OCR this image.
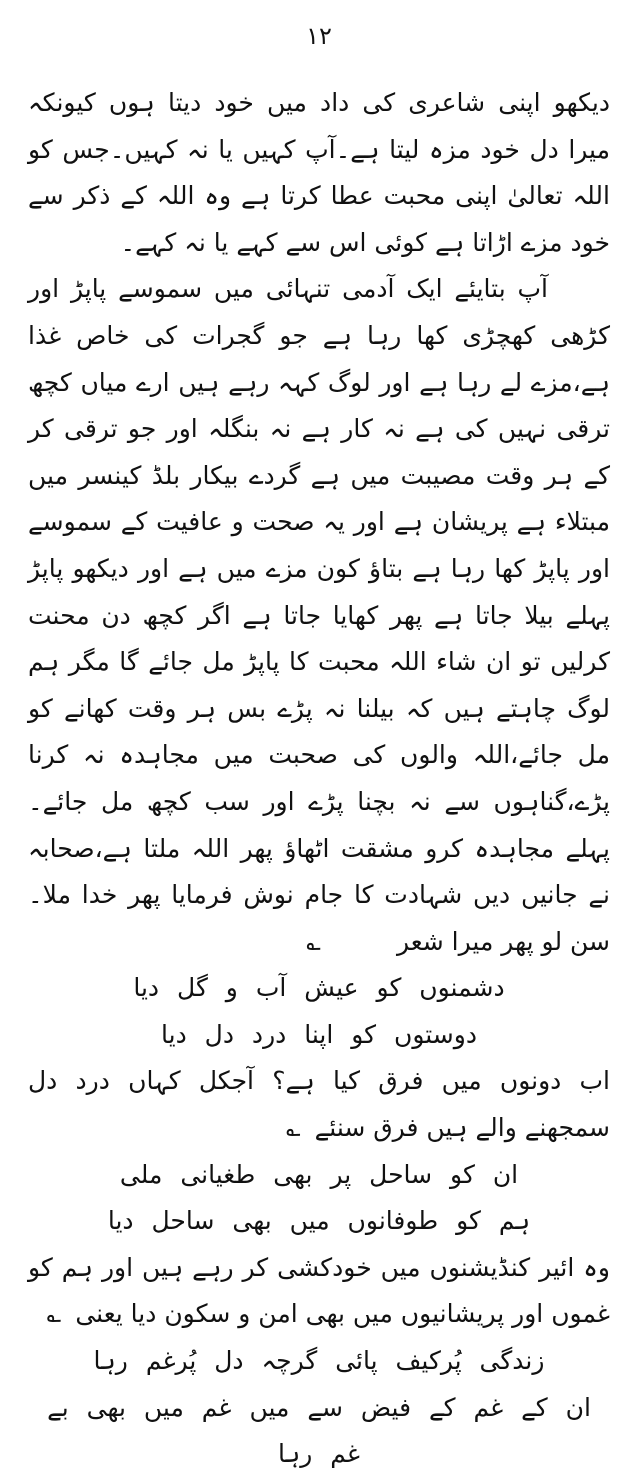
۱۲

دیکھو اپنی شاعری کی داد میں خود دیتا ہوں کیونکہ میرا دل خود مزہ لیتا ہے۔آپ کہیں یا نہ کہیں۔جس کو اللہ تعالیٰ اپنی محبت عطا کرتا ہے وہ اللہ کے ذکر سے خود مزے اڑاتا ہے کوئی اس سے کہے یا نہ کہے۔

آپ بتایئے ایک آدمی تنہائی میں سموسے پاپڑ اور کڑھی کھچڑی کھا رہا ہے جو گجرات کی خاص غذا ہے،مزے لے رہا ہے اور لوگ کہہ رہے ہیں ارے میاں کچھ ترقی نہیں کی ہے نہ کار ہے نہ بنگلہ اور جو ترقی کر کے ہر وقت مصیبت میں ہے گردے بیکار بلڈ کینسر میں مبتلاء ہے پریشان ہے اور یہ صحت و عافیت کے سموسے اور پاپڑ کھا رہا ہے بتاؤ کون مزے میں ہے اور دیکھو پاپڑ پہلے بیلا جاتا ہے پھر کھایا جاتا ہے اگر کچھ دن محنت کرلیں تو ان شاء اللہ محبت کا پاپڑ مل جائے گا مگر ہم لوگ چاہتے ہیں کہ بیلنا نہ پڑے بس ہر وقت کھانے کو مل جائے،اللہ والوں کی صحبت میں مجاہدہ نہ کرنا پڑے،گناہوں سے نہ بچنا پڑے اور سب کچھ مل جائے۔ پہلے مجاہدہ کرو مشقت اٹھاؤ پھر اللہ ملتا ہے،صحابہ نے جانیں دیں شہادت کا جام نوش فرمایا پھر خدا ملا۔سن لو پھر میرا شعر؎

دشمنوں کو عیش آب و گل دیا

دوستوں کو اپنا درد دل دیا

اب دونوں میں فرق کیا ہے؟ آجکل کہاں درد دل سمجھنے والے ہیں فرق سنئے؎

ان کو ساحل پر بھی طغیانی ملی

ہم کو طوفانوں میں بھی ساحل دیا

وہ ائیر کنڈیشنوں میں خودکشی کر رہے ہیں اور ہم کو غموں اور پریشانیوں میں بھی امن و سکون دیا یعنی؎

زندگی پُرکیف پائی گرچہ دل پُرغم رہا

ان کے غم کے فیض سے میں غم میں بھی بے غم رہا
